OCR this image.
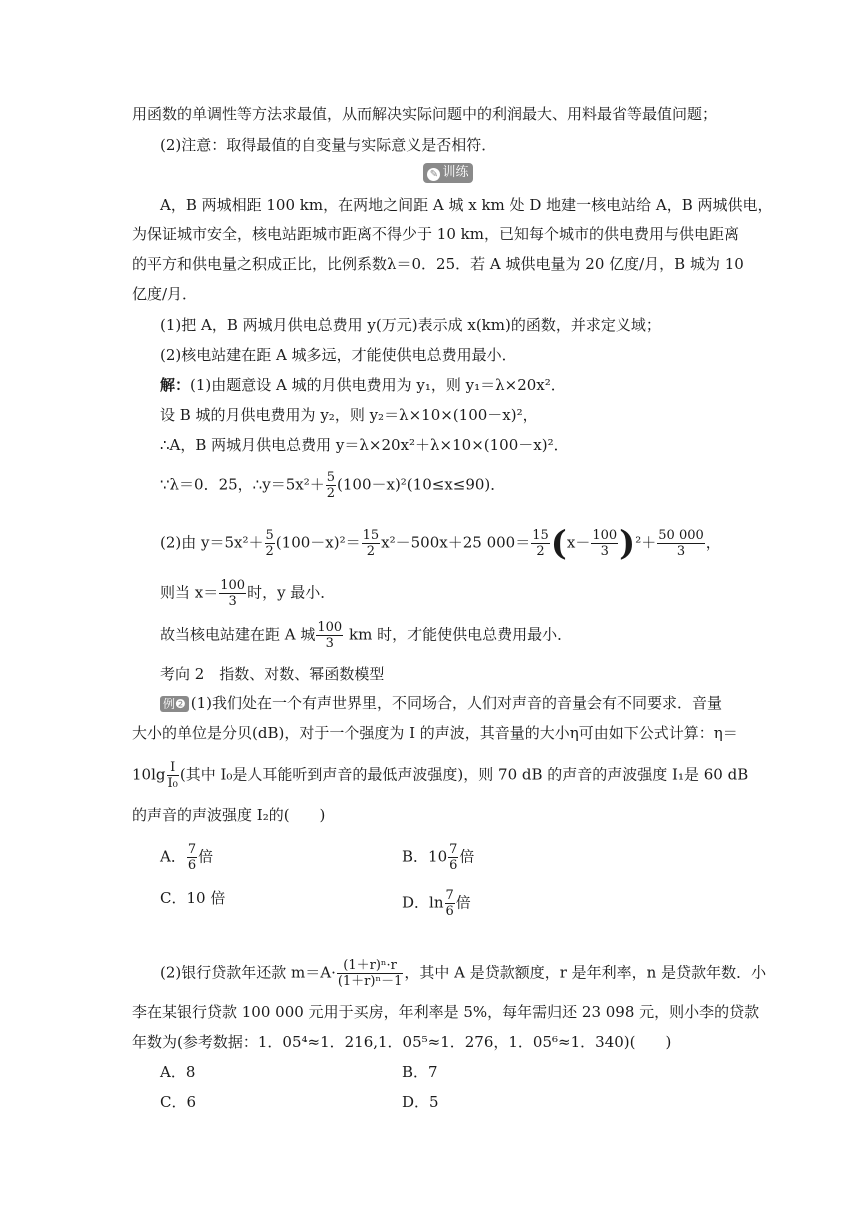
用函数的单调性等方法求最值，从而解决实际问题中的利润最大、用料最省等最值问题；
(2)注意：取得最值的自变量与实际意义是否相符．
✎ 训练
A，B 两城相距 100 km，在两地之间距 A 城 x km 处 D 地建一核电站给 A，B 两城供电，
为保证城市安全，核电站距城市距离不得少于 10 km，已知每个城市的供电费用与供电距离
的平方和供电量之积成正比，比例系数λ＝0．25．若 A 城供电量为 20 亿度/月，B 城为 10
亿度/月．
(1)把 A，B 两城月供电总费用 y(万元)表示成 x(km)的函数，并求定义域；
(2)核电站建在距 A 城多远，才能使供电总费用最小．
解：(1)由题意设 A 城的月供电费用为 y₁，则 y₁＝λ×20x²．
设 B 城的月供电费用为 y₂，则 y₂＝λ×10×(100－x)²，
∴A，B 两城月供电总费用 y＝λ×20x²＋λ×10×(100－x)²．
∵λ＝0．25，∴y＝5x²＋ $\frac{5}{2} (100-x)^2(10\le x\le 90)$．
(2)由 $y=5x^2+ \frac{5}{2} (100-x)^2= \frac{15}{2} x^2-500x+25$ $000= \frac{15}{2} (x- \frac{100}{3} )^2+ \frac{50 000}{3}$ ，
则当 $x= \frac{100}{3}$ 时，y 最小．
故当核电站建在距 A 城 $\frac{100}{3}$ km 时，才能使供电总费用最小．
考向 2　指数、对数、幂函数模型
例❷ (1)我们处在一个有声世界里，不同场合，人们对声音的音量会有不同要求．音量
大小的单位是分贝(dB)，对于一个强度为 I 的声波，其音量的大小η可由如下公式计算：η＝
$10\lg \frac{I}{\text{I₀}}$ (其中 I₀是人耳能听到声音的最低声波强度)，则 70 dB 的声音的声波强度 I₁是 60 dB
的声音的声波强度 I₂的(　　)
A． $\frac{7}{6}$ 倍	B．$10 \frac{7}{6}$ 倍
C．10 倍	D．$\ln \frac{7}{6}$ 倍
(2)银行贷款年还款 $m=A\cdot \frac{\text{(1＋r)ⁿ·r}}{\text{(1＋r)ⁿ－1}}$ ，其中 A 是贷款额度，r 是年利率，n 是贷款年数．小
李在某银行贷款 100 000 元用于买房，年利率是 5%，每年需归还 23 098 元，则小李的贷款
年数为(参考数据：1．05⁴≈1．216,1．05⁵≈1．276，1．05⁶≈1．340)(　　)
A．8	B．7
C．6	D．5
